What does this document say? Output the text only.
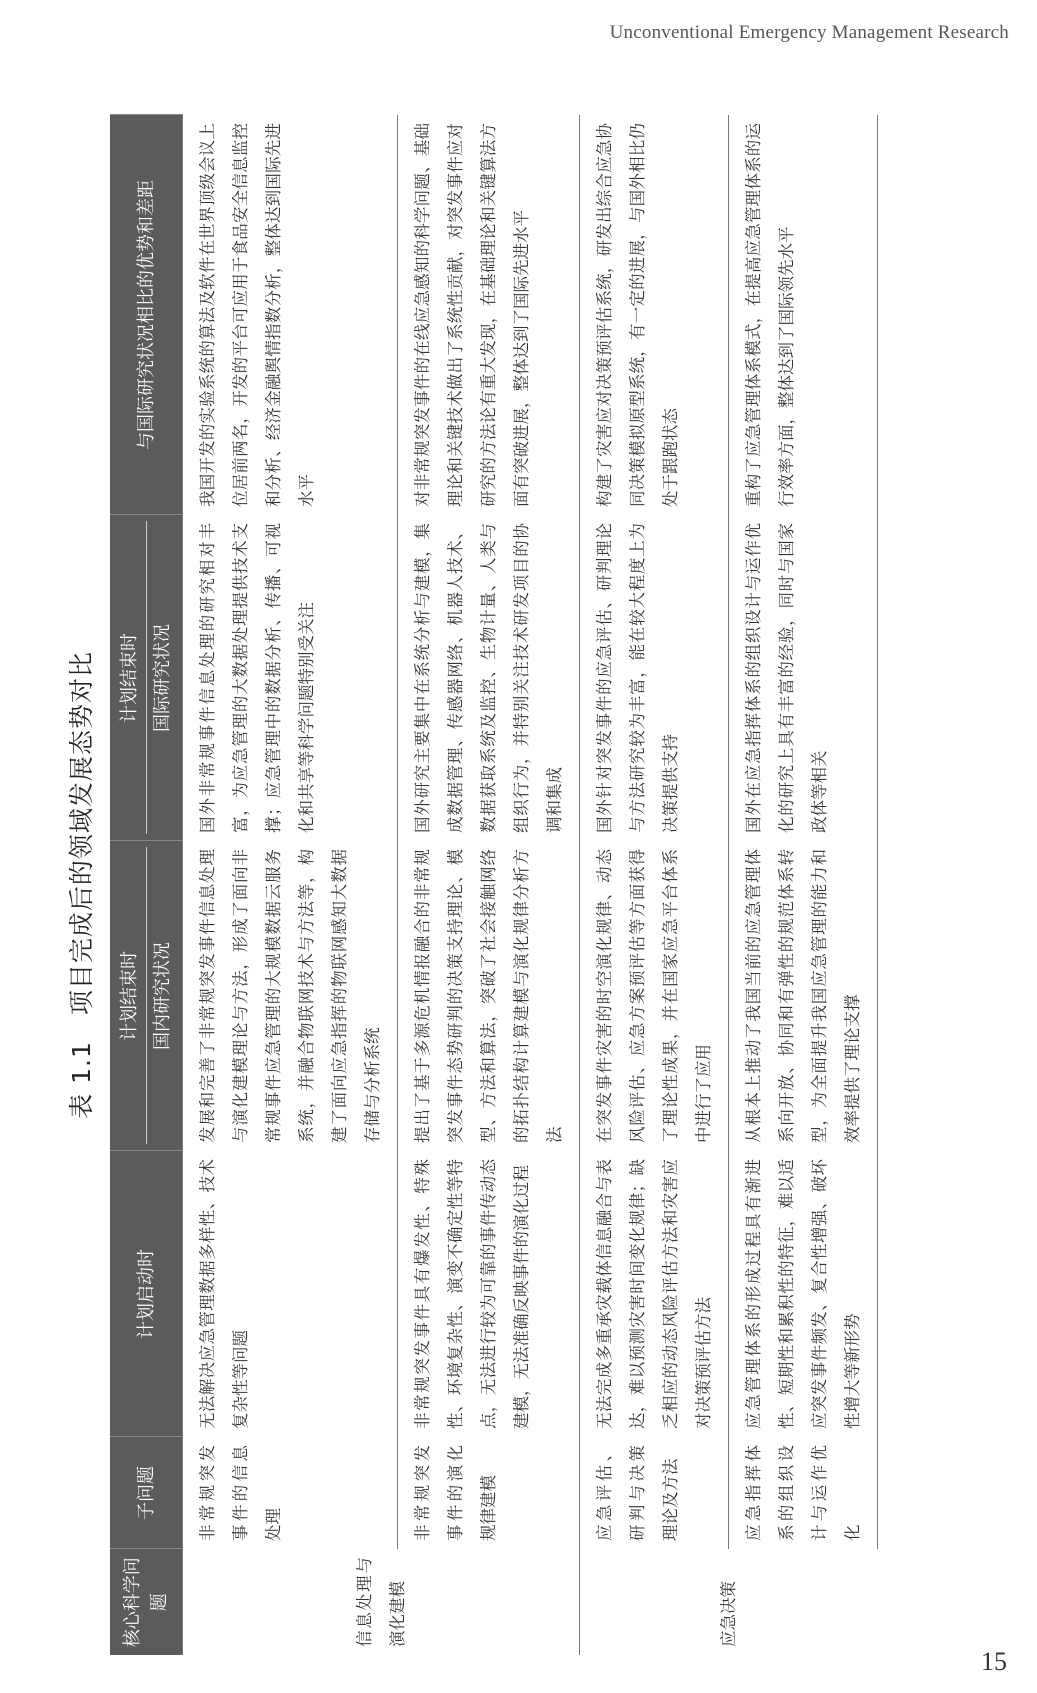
Unconventional Emergency Management Research
表 1.1　项目完成后的领域发展态势对比
核心科学问题	子问题	计划启动时	计划结束时 国内研究状况	计划结束时 国际研究状况	与国际研究状况相比的优势和差距
信息处理与演化建模	非常规突发事件的信息处理	无法解决应急管理数据多样性、技术复杂性等问题	发展和完善了非常规突发事件信息处理与演化建模理论与方法，形成了面向非常规事件应急管理的大规模数据云服务系统，并融合物联网技术与方法等，构建了面向应急指挥的物联网感知大数据存储与分析系统	国外非常规事件信息处理的研究相对丰富，为应急管理的大数据处理提供技术支撑；应急管理中的数据分析、传播、可视化和共享等科学问题特别受关注	我国开发的实验系统的算法及软件在世界顶级会议上位居前两名，开发的平台可应用于食品安全信息监控和分析、经济金融舆情指数分析，整体达到国际先进水平
	非常规突发事件的演化规律建模	非常规突发事件具有爆发性、特殊性、环境复杂性、演变不确定性等特点，无法进行较为可靠的事件传动态建模，无法准确反映事件的演化过程	提出了基于多源危机情报融合的非常规突发事件态势研判的决策支持理论、模型、方法和算法，突破了社会接触网络的拓扑结构计算建模与演化规律分析方法	国外研究主要集中在系统分析与建模，集成数据管理、传感器网络、机器人技术、数据获取系统及监控、生物计量、人类与组织行为，并特别关注技术研发项目的协调和集成	对非常规突发事件的在线应急感知的科学问题、基础理论和关键技术做出了系统性贡献，对突发事件应对研究的方法论有重大发现，在基础理论和关键算法方面有突破进展，整体达到了国际先进水平
应急决策	应急评估、研判与决策理论及方法	无法完成多重承灾载体信息融合与表达，难以预测灾害时间变化规律；缺乏相应的动态风险评估方法和灾害应对决策预评估方法	在突发事件灾害的时空演化规律、动态风险评估、应急方案预评估等方面获得了理论性成果，并在国家应急平台体系中进行了应用	国外针对突发事件的应急评估、研判理论与方法研究较为丰富，能在较大程度上为决策提供支持	构建了灾害应对决策预评估系统，研发出综合应急协同决策模拟原型系统，有一定的进展，与国外相比仍处于跟跑状态
	应急指挥体系的组织设计与运作优化	应急管理体系的形成过程具有渐进性、短期性和累积性的特征，难以适应突发事件频发、复合性增强、破坏性增大等新形势	从根本上推动了我国当前的应急管理体系向开放、协同和有弹性的规范体系转型，为全面提升我国应急管理的能力和效率提供了理论支撑	国外在应急指挥体系的组织设计与运作优化的研究上具有丰富的经验，同时与国家政体等相关	重构了应急管理体系模式，在提高应急管理体系的运行效率方面，整体达到了国际领先水平
15
